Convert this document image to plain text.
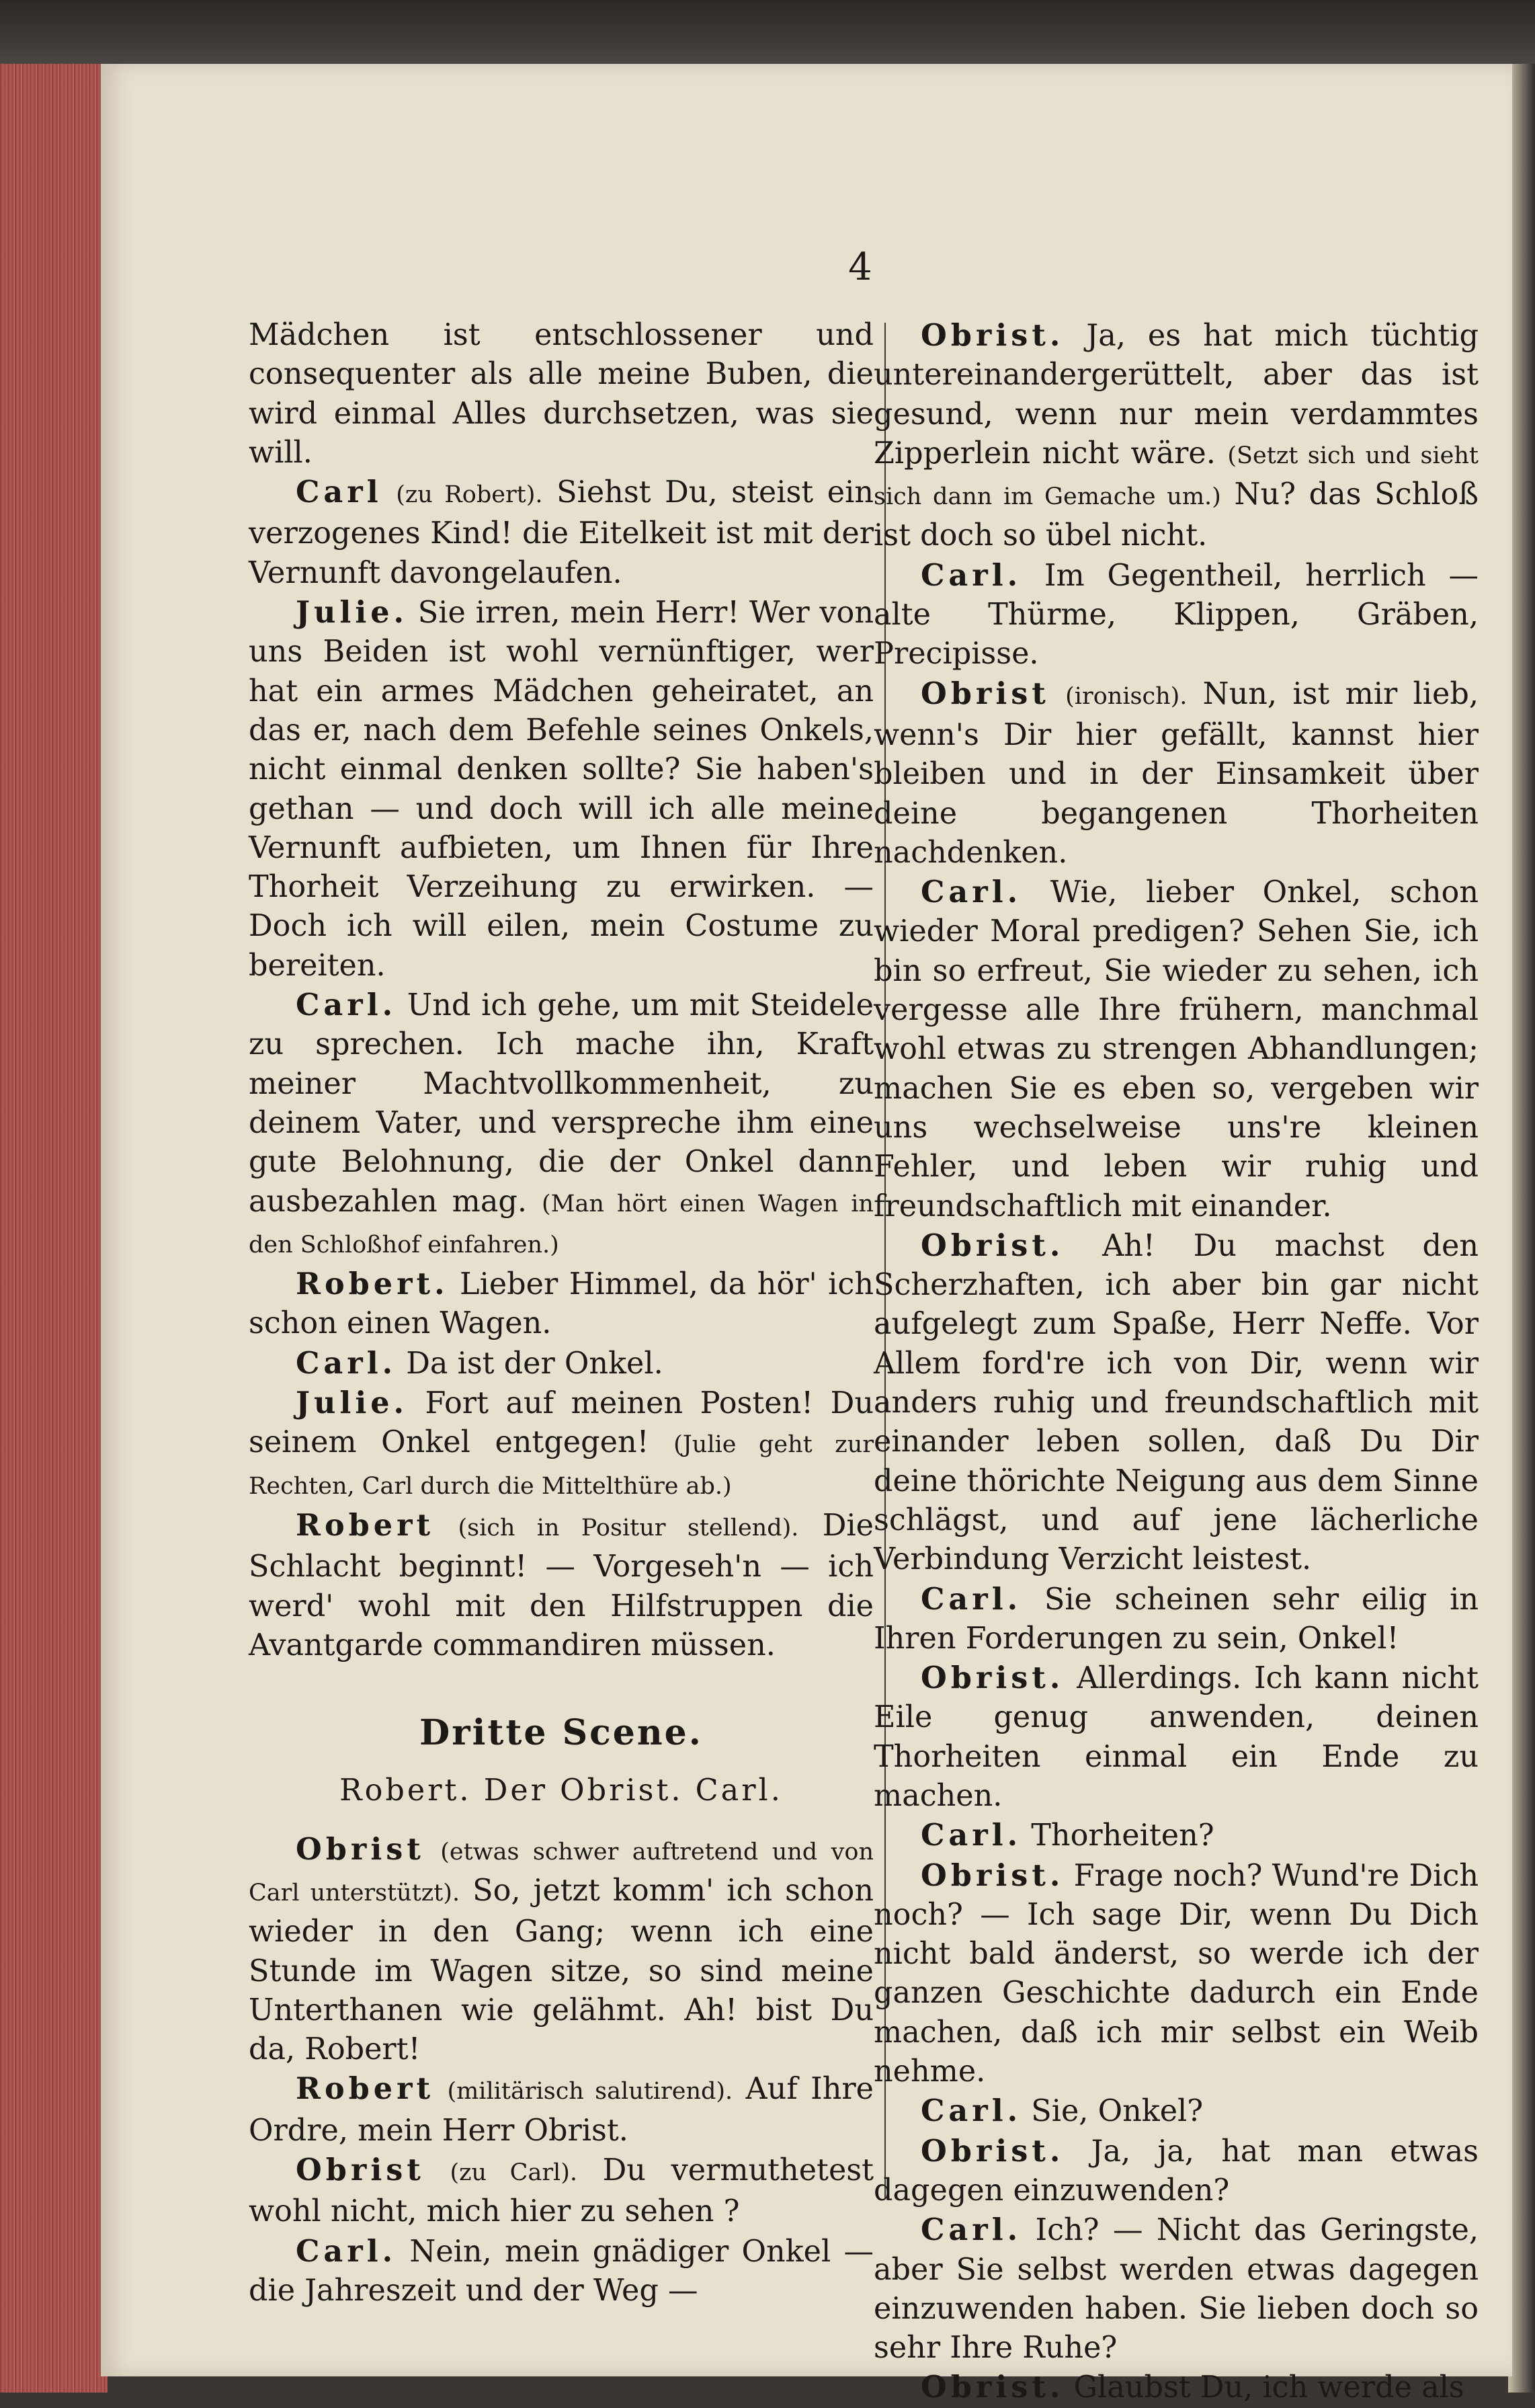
4

Mädchen ist entschlossener und consequenter als alle meine Buben, die wird einmal Alles durchsetzen, was sie will.

Carl (zu Robert). Siehst Du, steist ein verzogenes Kind! die Eitelkeit ist mit der Vernunft davongelaufen.

Julie. Sie irren, mein Herr! Wer von uns Beiden ist wohl vernünftiger, wer hat ein armes Mädchen geheiratet, an das er, nach dem Befehle seines Onkels, nicht einmal denken sollte? Sie haben's gethan — und doch will ich alle meine Vernunft aufbieten, um Ihnen für Ihre Thorheit Verzeihung zu erwirken. — Doch ich will eilen, mein Costume zu bereiten.

Carl. Und ich gehe, um mit Steidele zu sprechen. Ich mache ihn, Kraft meiner Machtvollkommenheit, zu deinem Vater, und verspreche ihm eine gute Belohnung, die der Onkel dann ausbezahlen mag. (Man hört einen Wagen in den Schloßhof einfahren.)

Robert. Lieber Himmel, da hör' ich schon einen Wagen.

Carl. Da ist der Onkel.

Julie. Fort auf meinen Posten! Du seinem Onkel entgegen! (Julie geht zur Rechten, Carl durch die Mittelthüre ab.)

Robert (sich in Positur stellend). Die Schlacht beginnt! — Vorgeseh'n — ich werd' wohl mit den Hilfstruppen die Avantgarde commandiren müssen.

Dritte Scene.
Robert. Der Obrist. Carl.

Obrist (etwas schwer auftretend und von Carl unterstützt). So, jetzt komm' ich schon wieder in den Gang; wenn ich eine Stunde im Wagen sitze, so sind meine Unterthanen wie gelähmt. Ah! bist Du da, Robert!

Robert (militärisch salutirend). Auf Ihre Ordre, mein Herr Obrist.

Obrist (zu Carl). Du vermuthetest wohl nicht, mich hier zu sehen ?

Carl. Nein, mein gnädiger Onkel — die Jahreszeit und der Weg —

Obrist. Ja, es hat mich tüchtig untereinandergerüttelt, aber das ist gesund, wenn nur mein verdammtes Zipperlein nicht wäre. (Setzt sich und sieht sich dann im Gemache um.) Nu? das Schloß ist doch so übel nicht.

Carl. Im Gegentheil, herrlich — alte Thürme, Klippen, Gräben, Precipisse.

Obrist (ironisch). Nun, ist mir lieb, wenn's Dir hier gefällt, kannst hier bleiben und in der Einsamkeit über deine begangenen Thorheiten nachdenken.

Carl. Wie, lieber Onkel, schon wieder Moral predigen? Sehen Sie, ich bin so erfreut, Sie wieder zu sehen, ich vergesse alle Ihre frühern, manchmal wohl etwas zu strengen Abhandlungen; machen Sie es eben so, vergeben wir uns wechselweise uns're kleinen Fehler, und leben wir ruhig und freundschaftlich mit einander.

Obrist. Ah! Du machst den Scherzhaften, ich aber bin gar nicht aufgelegt zum Spaße, Herr Neffe. Vor Allem ford're ich von Dir, wenn wir anders ruhig und freundschaftlich mit einander leben sollen, daß Du Dir deine thörichte Neigung aus dem Sinne schlägst, und auf jene lächerliche Verbindung Verzicht leistest.

Carl. Sie scheinen sehr eilig in Ihren Forderungen zu sein, Onkel!

Obrist. Allerdings. Ich kann nicht Eile genug anwenden, deinen Thorheiten einmal ein Ende zu machen.

Carl. Thorheiten?

Obrist. Frage noch? Wund're Dich noch? — Ich sage Dir, wenn Du Dich nicht bald änderst, so werde ich der ganzen Geschichte dadurch ein Ende machen, daß ich mir selbst ein Weib nehme.

Carl. Sie, Onkel?

Obrist. Ja, ja, hat man etwas dagegen einzuwenden?

Carl. Ich? — Nicht das Geringste, aber Sie selbst werden etwas dagegen einzuwenden haben. Sie lieben doch so sehr Ihre Ruhe?

Obrist. Glaubst Du, ich werde als
